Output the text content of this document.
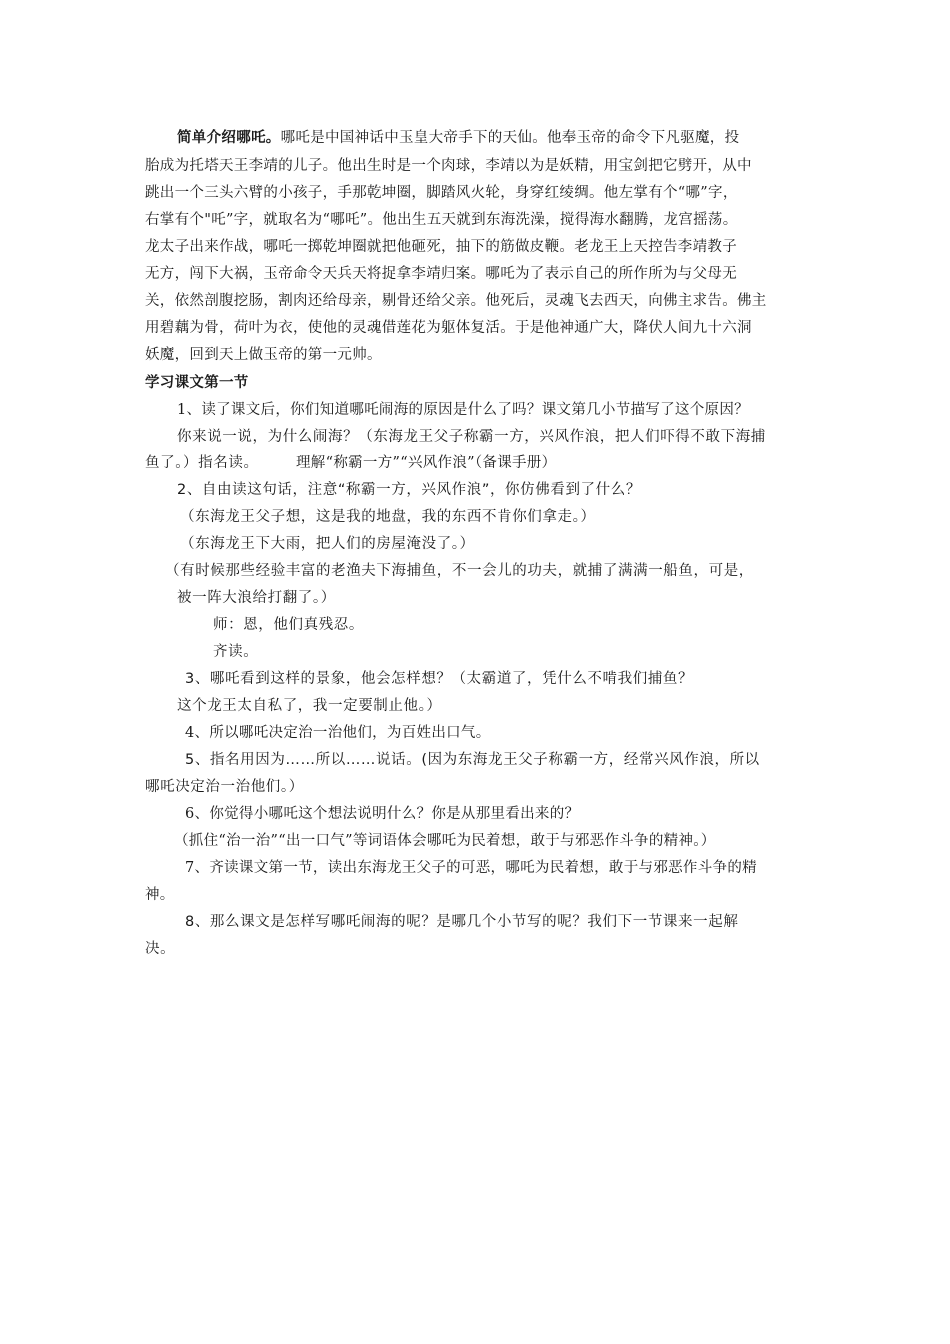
简单介绍哪吒。哪吒是中国神话中玉皇大帝手下的天仙。他奉玉帝的命令下凡驱魔，投
胎成为托塔天王李靖的儿子。他出生时是一个肉球，李靖以为是妖精，用宝剑把它劈开，从中
跳出一个三头六臂的小孩子，手那乾坤圈，脚踏风火轮，身穿红绫绸。他左掌有个“哪”字，
右掌有个"吒”字，就取名为“哪吒”。他出生五天就到东海洗澡，搅得海水翻腾，龙宫摇荡。
龙太子出来作战，哪吒一掷乾坤圈就把他砸死，抽下的筋做皮鞭。老龙王上天控告李靖教子
无方，闯下大祸，玉帝命令天兵天将捉拿李靖归案。哪吒为了表示自己的所作所为与父母无
关，依然剖腹挖肠，割肉还给母亲，剔骨还给父亲。他死后，灵魂飞去西天，向佛主求告。佛主
用碧藕为骨，荷叶为衣，使他的灵魂借莲花为躯体复活。于是他神通广大，降伏人间九十六洞
妖魔，回到天上做玉帝的第一元帅。
学习课文第一节
1、读了课文后，你们知道哪吒闹海的原因是什么了吗？课文第几小节描写了这个原因？
你来说一说，为什么闹海？（东海龙王父子称霸一方，兴风作浪，把人们吓得不敢下海捕
鱼了。）指名读。	理解“称霸一方”“兴风作浪”（备课手册）
2、自由读这句话，注意“称霸一方，兴风作浪”，你仿佛看到了什么？
（东海龙王父子想，这是我的地盘，我的东西不肯你们拿走。）
（东海龙王下大雨，把人们的房屋淹没了。）
（有时候那些经验丰富的老渔夫下海捕鱼，不一会儿的功夫，就捕了满满一船鱼，可是，
被一阵大浪给打翻了。）
师：恩，他们真残忍。
齐读。
3、哪吒看到这样的景象，他会怎样想？（太霸道了，凭什么不啃我们捕鱼？
这个龙王太自私了，我一定要制止他。）
4、所以哪吒决定治一治他们，为百姓出口气。
5、指名用因为……所以……说话。(因为东海龙王父子称霸一方，经常兴风作浪，所以
哪吒决定治一治他们。）
6、你觉得小哪吒这个想法说明什么？你是从那里看出来的？
（抓住“治一治”“出一口气”等词语体会哪吒为民着想，敢于与邪恶作斗争的精神。）
7、齐读课文第一节，读出东海龙王父子的可恶，哪吒为民着想，敢于与邪恶作斗争的精
神。
8、那么课文是怎样写哪吒闹海的呢？是哪几个小节写的呢？我们下一节课来一起解
决。
